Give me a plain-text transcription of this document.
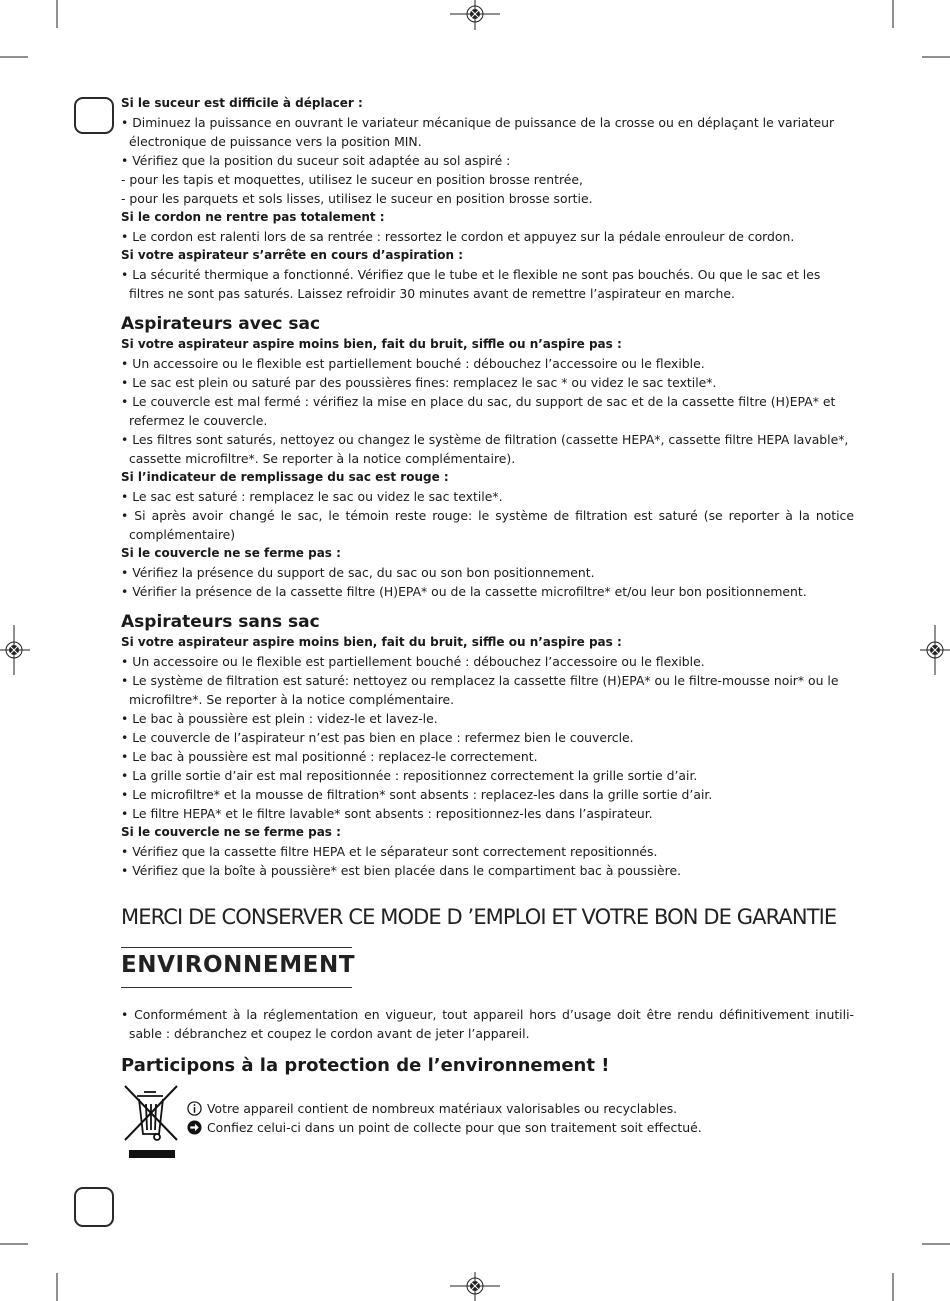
Si le suceur est difficile à déplacer :
• Diminuez la puissance en ouvrant le variateur mécanique de puissance de la crosse ou en déplaçant le variateur électronique de puissance vers la position MIN.
• Vérifiez que la position du suceur soit adaptée au sol aspiré :
- pour les tapis et moquettes, utilisez le suceur en position brosse rentrée,
- pour les parquets et sols lisses, utilisez le suceur en position brosse sortie.
Si le cordon ne rentre pas totalement :
• Le cordon est ralenti lors de sa rentrée : ressortez le cordon et appuyez sur la pédale enrouleur de cordon.
Si votre aspirateur s’arrête en cours d’aspiration :
• La sécurité thermique a fonctionné. Vérifiez que le tube et le flexible ne sont pas bouchés. Ou que le sac et les filtres ne sont pas saturés. Laissez refroidir 30 minutes avant de remettre l’aspirateur en marche.
Aspirateurs avec sac
Si votre aspirateur aspire moins bien, fait du bruit, siffle ou n’aspire pas :
• Un accessoire ou le flexible est partiellement bouché : débouchez l’accessoire ou le flexible.
• Le sac est plein ou saturé par des poussières fines: remplacez le sac * ou videz le sac textile*.
• Le couvercle est mal fermé : vérifiez la mise en place du sac, du support de sac et de la cassette filtre (H)EPA* et refermez le couvercle.
• Les filtres sont saturés, nettoyez ou changez le système de filtration (cassette HEPA*, cassette filtre HEPA lavable*, cassette microfiltre*. Se reporter à la notice complémentaire).
Si l’indicateur de remplissage du sac est rouge :
• Le sac est saturé : remplacez le sac ou videz le sac textile*.
• Si après avoir changé le sac, le témoin reste rouge: le système de filtration est saturé (se reporter à la notice complémentaire)
Si le couvercle ne se ferme pas :
• Vérifiez la présence du support de sac, du sac ou son bon positionnement.
• Vérifier la présence de la cassette filtre (H)EPA* ou de la cassette microfiltre* et/ou leur bon positionnement.
Aspirateurs sans sac
Si votre aspirateur aspire moins bien, fait du bruit, siffle ou n’aspire pas :
• Un accessoire ou le flexible est partiellement bouché : débouchez l’accessoire ou le flexible.
• Le système de filtration est saturé: nettoyez ou remplacez la cassette filtre (H)EPA* ou le filtre-mousse noir* ou le microfiltre*. Se reporter à la notice complémentaire.
• Le bac à poussière est plein : videz-le et lavez-le.
• Le couvercle de l’aspirateur n’est pas bien en place : refermez bien le couvercle.
• Le bac à poussière est mal positionné : replacez-le correctement.
• La grille sortie d’air est mal repositionnée : repositionnez correctement la grille sortie d’air.
• Le microfiltre* et la mousse de filtration* sont absents : replacez-les dans la grille sortie d’air.
• Le filtre HEPA* et le filtre lavable* sont absents : repositionnez-les dans l’aspirateur.
Si le couvercle ne se ferme pas :
• Vérifiez que la cassette filtre HEPA et le séparateur sont correctement repositionnés.
• Vérifiez que la boîte à poussière* est bien placée dans le compartiment bac à poussière.
MERCI DE CONSERVER CE MODE D ’EMPLOI ET VOTRE BON DE GARANTIE
ENVIRONNEMENT
• Conformément à la réglementation en vigueur, tout appareil hors d’usage doit être rendu définitivement inutili-sable : débranchez et coupez le cordon avant de jeter l’appareil.
Participons à la protection de l’environnement !
Votre appareil contient de nombreux matériaux valorisables ou recyclables.
Confiez celui-ci dans un point de collecte pour que son traitement soit effectué.
